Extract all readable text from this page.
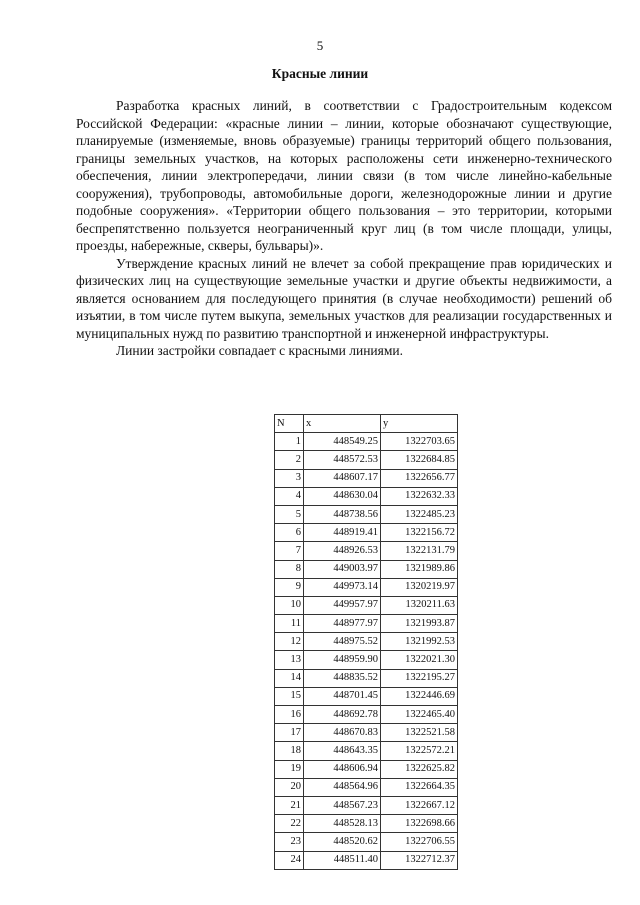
5
Красные линии

Разработка красных линий, в соответствии с Градостроительным кодексом Российской Федерации: «красные линии – линии, которые обозначают существующие, планируемые (изменяемые, вновь образуемые) границы территорий общего пользования, границы земельных участков, на которых расположены сети инженерно-технического обеспечения, линии электропередачи, линии связи (в том числе линейно-кабельные сооружения), трубопроводы, автомобильные дороги, железнодорожные линии и другие подобные сооружения». «Территории общего пользования – это территории, которыми беспрепятственно пользуется неограниченный круг лиц (в том числе площади, улицы, проезды, набережные, скверы, бульвары)».

Утверждение красных линий не влечет за собой прекращение прав юридических и физических лиц на существующие земельные участки и другие объекты недвижимости, а является основанием для последующего принятия (в случае необходимости) решений об изъятии, в том числе путем выкупа, земельных участков для реализации государственных и муниципальных нужд по развитию транспортной и инженерной инфраструктуры.

Линии застройки совпадает с красными линиями.

N	x	y
1	448549.25	1322703.65
2	448572.53	1322684.85
3	448607.17	1322656.77
4	448630.04	1322632.33
5	448738.56	1322485.23
6	448919.41	1322156.72
7	448926.53	1322131.79
8	449003.97	1321989.86
9	449973.14	1320219.97
10	449957.97	1320211.63
11	448977.97	1321993.87
12	448975.52	1321992.53
13	448959.90	1322021.30
14	448835.52	1322195.27
15	448701.45	1322446.69
16	448692.78	1322465.40
17	448670.83	1322521.58
18	448643.35	1322572.21
19	448606.94	1322625.82
20	448564.96	1322664.35
21	448567.23	1322667.12
22	448528.13	1322698.66
23	448520.62	1322706.55
24	448511.40	1322712.37
